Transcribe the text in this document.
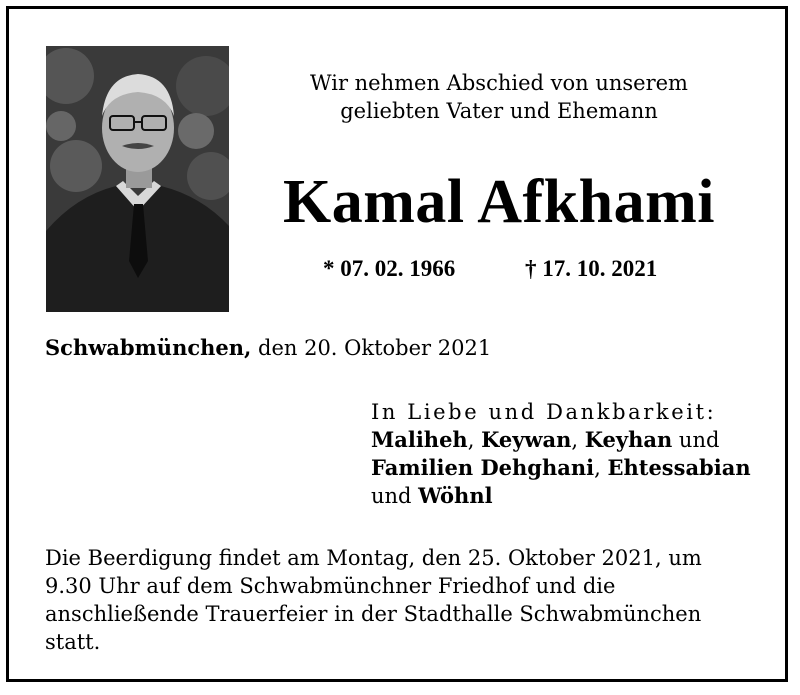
Wir nehmen Abschied von unserem
geliebten Vater und Ehemann
Kamal Afkhami
* 07. 02. 1966	† 17. 10. 2021
Schwabmünchen, den 20. Oktober 2021
In Liebe und Dankbarkeit:
Maliheh, Keywan, Keyhan und
Familien Dehghani, Ehtessabian
und Wöhnl
Die Beerdigung findet am Montag, den 25. Oktober 2021, um
9.30 Uhr auf dem Schwabmünchner Friedhof und die
anschließende Trauerfeier in der Stadthalle Schwabmünchen
statt.
